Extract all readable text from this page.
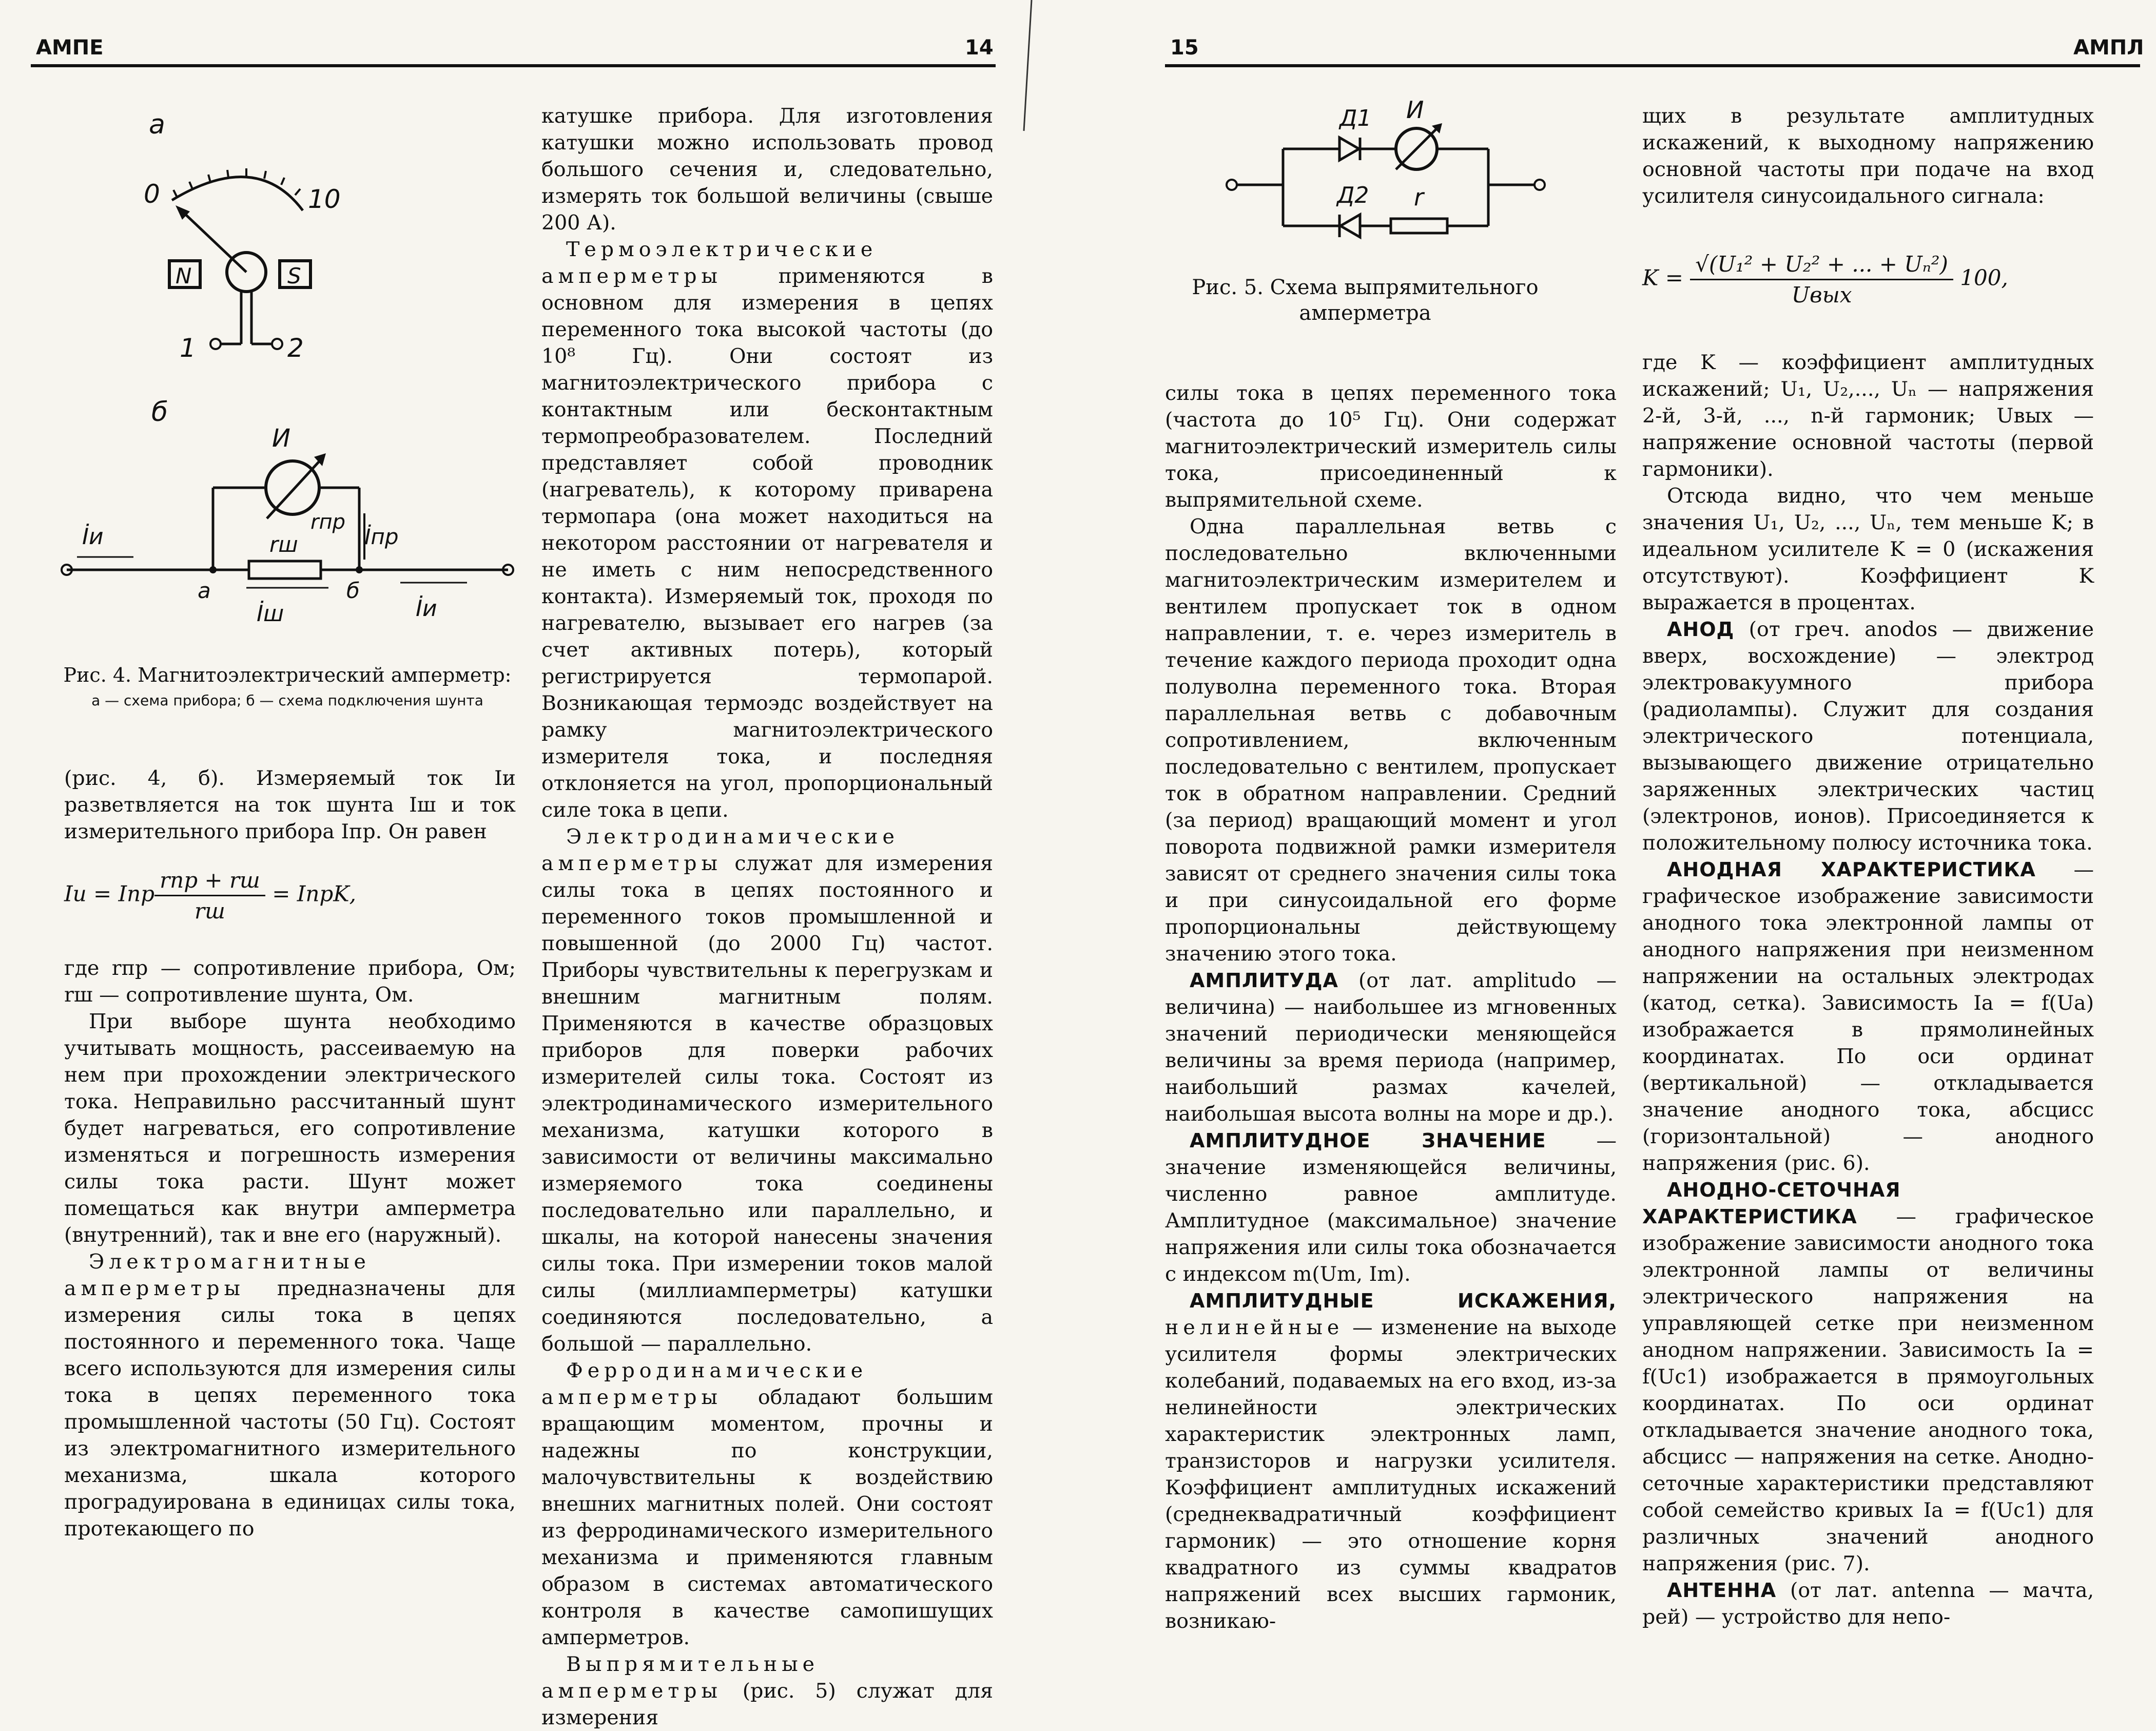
АМПЕ	14
а
0	10
N	S
1	2
б
И
rпр
İпр
rш
İи
а	б
İш	İи
Рис. 4. Магнитоэлектрический амперметр:
а — схема прибора; б — схема подключения шунта

(рис. 4, б). Измеряемый ток Iи разветвляется на ток шунта Iш и ток измерительного прибора Iпр. Он равен

Iи = Iпр $\frac{\text{rпр + rш}}{rш}$ = IпрK,

где rпр — сопротивление прибора, Ом; rш — сопротивление шунта, Ом.

При выборе шунта необходимо учитывать мощность, рассеиваемую на нем при прохождении электрического тока. Неправильно рассчитанный шунт будет нагреваться, его сопротивление изменяться и погрешность измерения силы тока расти. Шунт может помещаться как внутри амперметра (внутренний), так и вне его (наружный).

Электромагнитные амперметры предназначены для измерения силы тока в цепях постоянного и переменного тока. Чаще всего используются для измерения силы тока в цепях переменного тока промышленной частоты (50 Гц). Состоят из электромагнитного измерительного механизма, шкала которого проградуирована в единицах силы тока, протекающего по

катушке прибора. Для изготовления катушки можно использовать провод большого сечения и, следовательно, измерять ток большой величины (свыше 200 А).

Термоэлектрические амперметры применяются в основном для измерения в цепях переменного тока высокой частоты (до 10⁸ Гц). Они состоят из магнитоэлектрического прибора с контактным или бесконтактным термопреобразователем. Последний представляет собой проводник (нагреватель), к которому приварена термопара (она может находиться на некотором расстоянии от нагревателя и не иметь с ним непосредственного контакта). Измеряемый ток, проходя по нагревателю, вызывает его нагрев (за счет активных потерь), который регистрируется термопарой. Возникающая термоэдс воздействует на рамку магнитоэлектрического измерителя тока, и последняя отклоняется на угол, пропорциональный силе тока в цепи.

Электродинамические амперметры служат для измерения силы тока в цепях постоянного и переменного токов промышленной и повышенной (до 2000 Гц) частот. Приборы чувствительны к перегрузкам и внешним магнитным полям. Применяются в качестве образцовых приборов для поверки рабочих измерителей силы тока. Состоят из электродинамического измерительного механизма, катушки которого в зависимости от величины максимально измеряемого тока соединены последовательно или параллельно, и шкалы, на которой нанесены значения силы тока. При измерении токов малой силы (миллиамперметры) катушки соединяются последовательно, а большой — параллельно.

Ферродинамические амперметры обладают большим вращающим моментом, прочны и надежны по конструкции, малочувствительны к воздействию внешних магнитных полей. Они состоят из ферродинамического измерительного механизма и применяются главным образом в системах автоматического контроля в качестве самопишущих амперметров.

Выпрямительные амперметры (рис. 5) служат для измерения

15	АМПЛ
Д1 И
Д2 r
Рис. 5. Схема выпрямительного амперметра

силы тока в цепях переменного тока (частота до 10⁵ Гц). Они содержат магнитоэлектрический измеритель силы тока, присоединенный к выпрямительной схеме.

Одна параллельная ветвь с последовательно включенными магнитоэлектрическим измерителем и вентилем пропускает ток в одном направлении, т. е. через измеритель в течение каждого периода проходит одна полуволна переменного тока. Вторая параллельная ветвь с добавочным сопротивлением, включенным последовательно с вентилем, пропускает ток в обратном направлении. Средний (за период) вращающий момент и угол поворота подвижной рамки измерителя зависят от среднего значения силы тока и при синусоидальной его форме пропорциональны действующему значению этого тока.

АМПЛИТУДА (от лат. amplitudo — величина) — наибольшее из мгновенных значений периодически меняющейся величины за время периода (например, наибольший размах качелей, наибольшая высота волны на море и др.).

АМПЛИТУДНОЕ ЗНАЧЕНИЕ — значение изменяющейся величины, численно равное амплитуде. Амплитудное (максимальное) значение напряжения или силы тока обозначается с индексом m(Um, Im).

АМПЛИТУДНЫЕ ИСКАЖЕНИЯ, нелинейные — изменение на выходе усилителя формы электрических колебаний, подаваемых на его вход, из-за нелинейности электрических характеристик электронных ламп, транзисторов и нагрузки усилителя. Коэффициент амплитудных искажений (среднеквадратичный коэффициент гармоник) — это отношение корня квадратного из суммы квадратов напряжений всех высших гармоник, возникаю-

щих в результате амплитудных искажений, к выходному напряжению основной частоты при подаче на вход усилителя синусоидального сигнала:

$K = \frac{\text{√(U₁² + U₂² + ... + Uₙ²)}}{\text{Uвых}} 100$,

где K — коэффициент амплитудных искажений; U₁, U₂,..., Uₙ — напряжения 2-й, 3-й, ..., n-й гармоник; Uвых — напряжение основной частоты (первой гармоники).

Отсюда видно, что чем меньше значения U₁, U₂, ..., Uₙ, тем меньше K; в идеальном усилителе K = 0 (искажения отсутствуют). Коэффициент K выражается в процентах.

АНОД (от греч. anodos — движение вверх, восхождение) — электрод электровакуумного прибора (радиолампы). Служит для создания электрического потенциала, вызывающего движение отрицательно заряженных электрических частиц (электронов, ионов). Присоединяется к положительному полюсу источника тока.

АНОДНАЯ ХАРАКТЕРИСТИКА — графическое изображение зависимости анодного тока электронной лампы от анодного напряжения при неизменном напряжении на остальных электродах (катод, сетка). Зависимость Iа = f(Uа) изображается в прямолинейных координатах. По оси ординат (вертикальной) — откладывается значение анодного тока, абсцисс (горизонтальной) — анодного напряжения (рис. 6).

АНОДНО-СЕТОЧНАЯ ХАРАКТЕРИСТИКА — графическое изображение зависимости анодного тока электронной лампы от величины электрического напряжения на управляющей сетке при неизменном анодном напряжении. Зависимость Iа = f(Uс1) изображается в прямоугольных координатах. По оси ординат откладывается значение анодного тока, абсцисс — напряжения на сетке. Анодно-сеточные характеристики представляют собой семейство кривых Iа = f(Uс1) для различных значений анодного напряжения (рис. 7).

АНТЕННА (от лат. antenna — мачта, рей) — устройство для непо-
